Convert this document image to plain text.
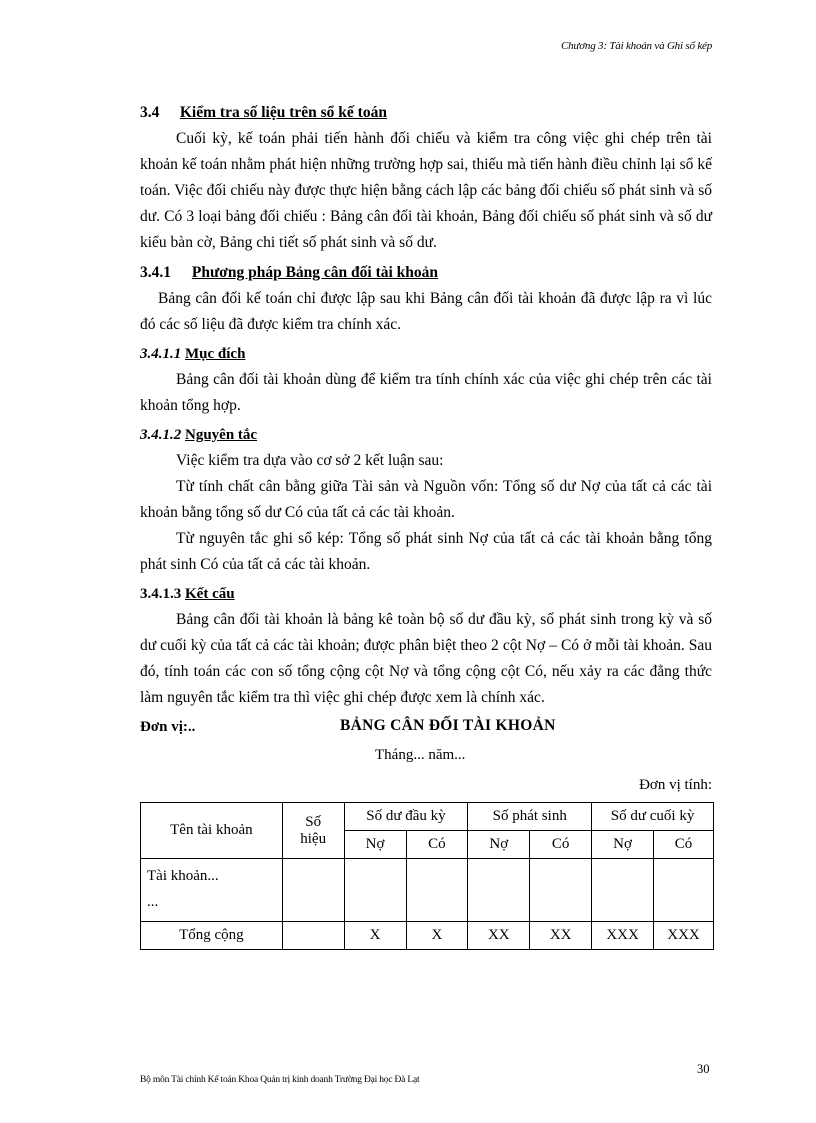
Chương 3: Tài khoản và Ghi sổ kép
3.4 Kiểm tra số liệu trên sổ kế toán

Cuối kỳ, kế toán phải tiến hành đối chiếu và kiểm tra công việc ghi chép trên tài khoản kế toán nhằm phát hiện những trường hợp sai, thiếu mà tiến hành điều chỉnh lại sổ kế toán. Việc đối chiếu này được thực hiện bằng cách lập các bảng đối chiếu số phát sinh và số dư. Có 3 loại bảng đối chiếu : Bảng cân đối tài khoản, Bảng đối chiếu số phát sinh và số dư kiểu bàn cờ, Bảng chi tiết số phát sinh và số dư.

3.4.1 Phương pháp Bảng cân đối tài khoản

Bảng cân đối kế toán chỉ được lập sau khi Bảng cân đối tài khoản đã được lập ra vì lúc đó các số liệu đã được kiểm tra chính xác.

3.4.1.1 Mục đích

Bảng cân đối tài khoản dùng để kiểm tra tính chính xác của việc ghi chép trên các tài khoản tổng hợp.

3.4.1.2 Nguyên tắc

Việc kiểm tra dựa vào cơ sở 2 kết luận sau:

Từ tính chất cân bằng giữa Tài sản và Nguồn vốn: Tổng số dư Nợ của tất cả các tài khoản bằng tổng số dư Có của tất cả các tài khoản.

Từ nguyên tắc ghi sổ kép: Tổng số phát sinh Nợ của tất cả các tài khoản bằng tổng phát sinh Có của tất cả các tài khoản.

3.4.1.3 Kết cấu

Bảng cân đối tài khoản là bảng kê toàn bộ số dư đầu kỳ, số phát sinh trong kỳ và số dư cuối kỳ của tất cả các tài khoản; được phân biệt theo 2 cột Nợ – Có ở mỗi tài khoản. Sau đó, tính toán các con số tổng cộng cột Nợ và tổng cộng cột Có, nếu xảy ra các đẳng thức làm nguyên tắc kiểm tra thì việc ghi chép được xem là chính xác.

Đơn vị:..	BẢNG CÂN ĐỐI TÀI KHOẢN
Tháng... năm...
Đơn vị tính:
Tên tài khoản	Số
hiệu	Số dư đầu kỳ		Số phát sinh		Số dư cuối kỳ	
		Nợ	Có	Nợ	Có	Nợ	Có

Tài khoản...
...							

Tổng cộng		X	X	XX	XX	XXX	XXX
30
Bộ môn Tài chính Kế toán Khoa Quản trị kinh doanh Trường Đại học Đà Lạt
